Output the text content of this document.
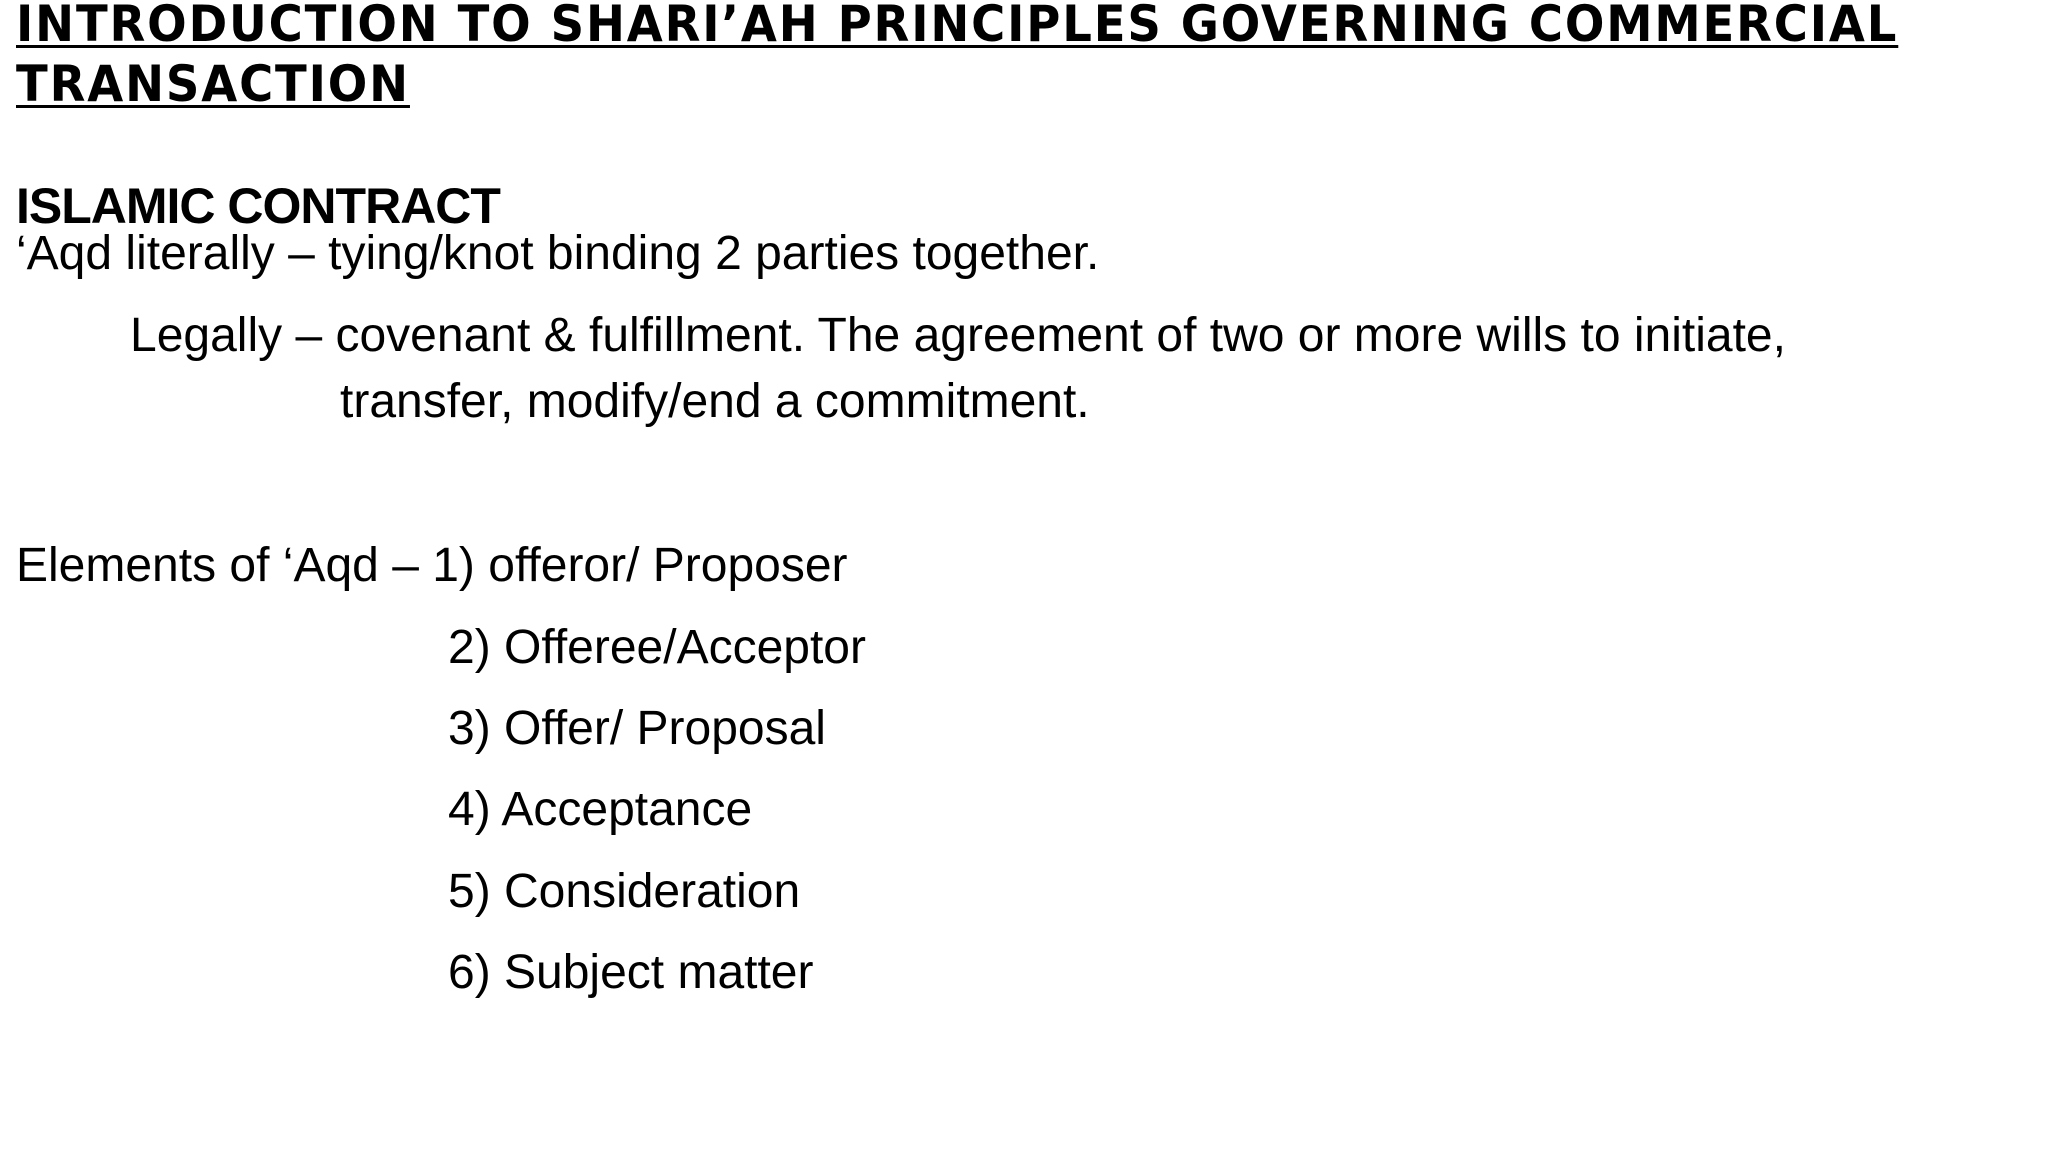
INTRODUCTION TO SHARI’AH PRINCIPLES GOVERNING COMMERCIAL
TRANSACTION
ISLAMIC CONTRACT
‘Aqd literally – tying/knot binding 2 parties together.
Legally – covenant & fulfillment. The agreement of two or more wills to initiate,
transfer, modify/end a commitment.
Elements of ‘Aqd – 1) offeror/ Proposer
2) Offeree/Acceptor
3) Offer/ Proposal
4) Acceptance
5) Consideration
6) Subject matter
